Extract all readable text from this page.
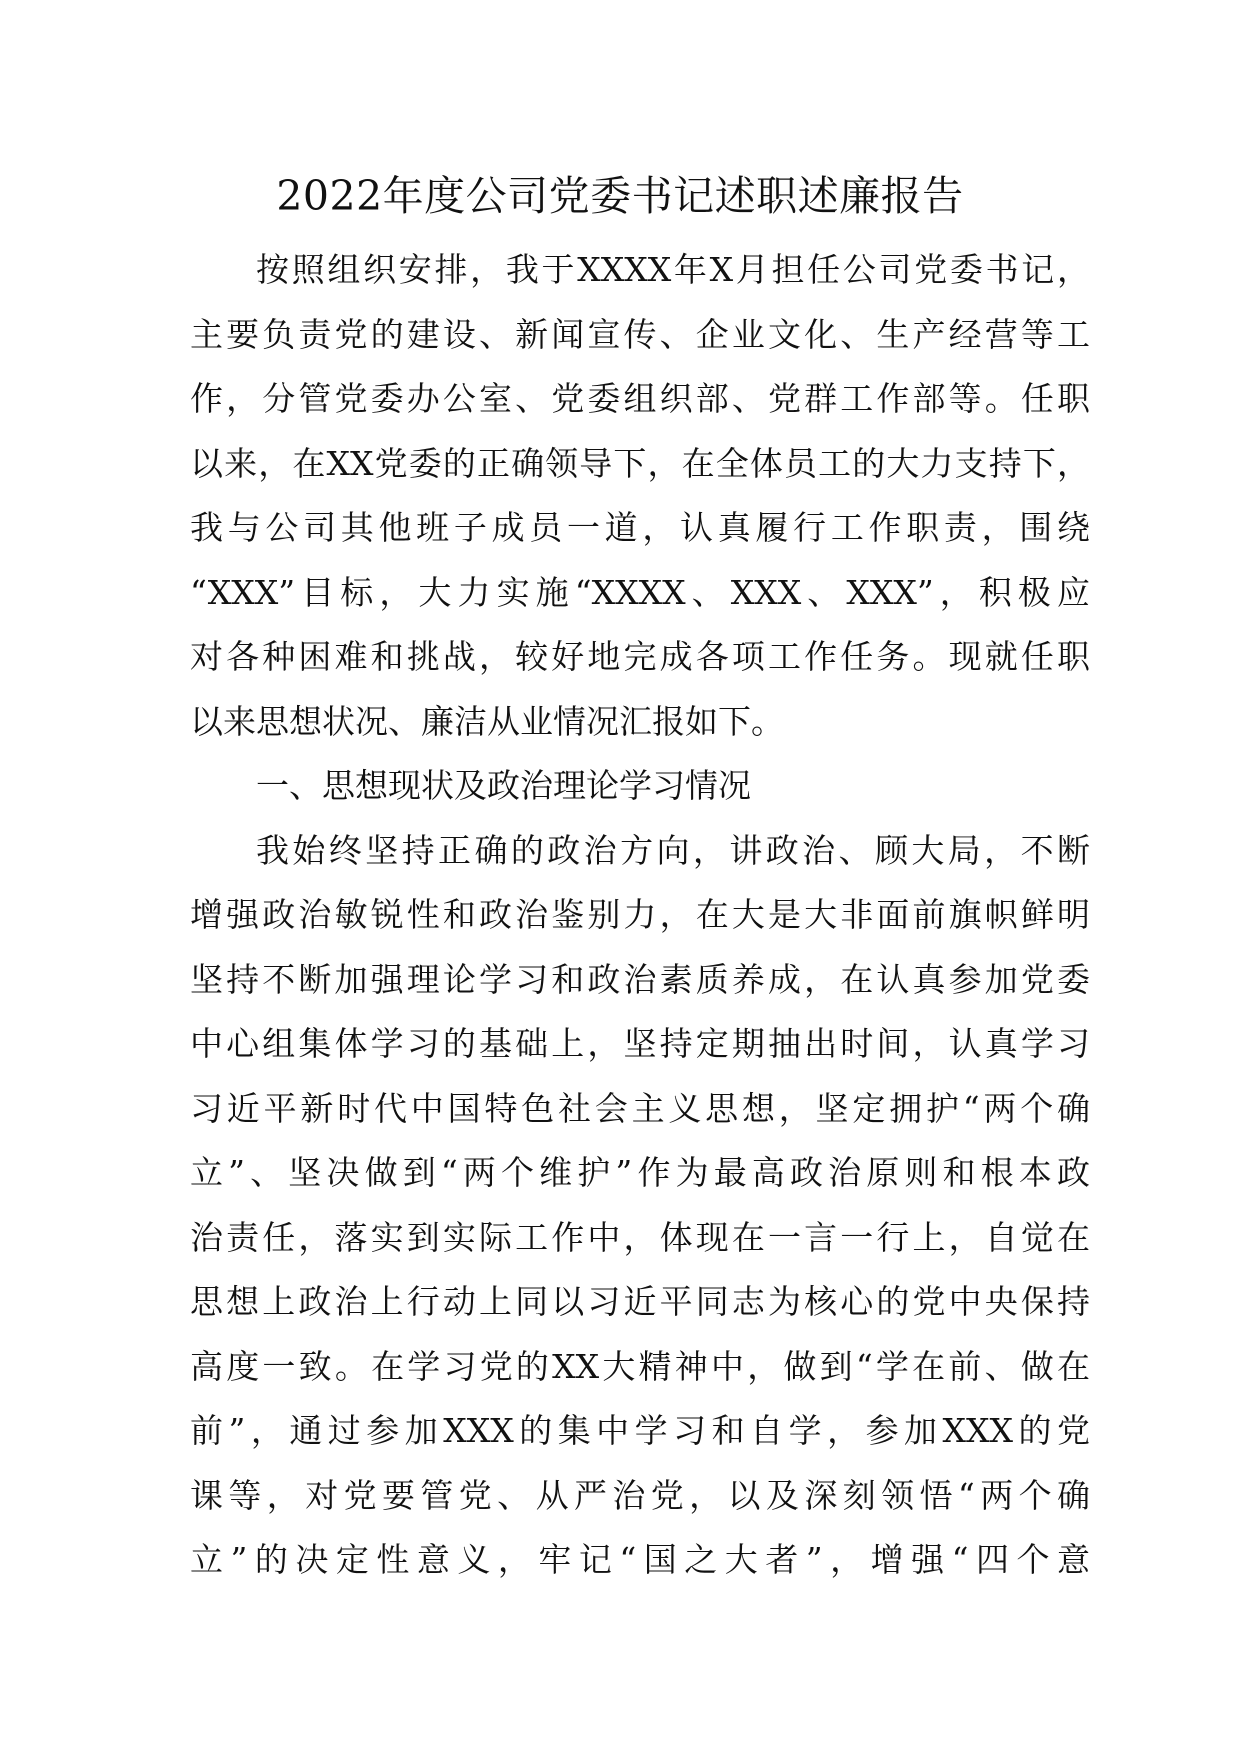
2022年度公司党委书记述职述廉报告
按照组织安排，我于XXXX年X月担任公司党委书记，
主要负责党的建设、新闻宣传、企业文化、生产经营等工
作，分管党委办公室、党委组织部、党群工作部等。任职
以来，在XX党委的正确领导下，在全体员工的大力支持下，
我与公司其他班子成员一道，认真履行工作职责，围绕
“XXX”目标，大力实施“XXXX、XXX、XXX”，积极应
对各种困难和挑战，较好地完成各项工作任务。现就任职
以来思想状况、廉洁从业情况汇报如下。
一、思想现状及政治理论学习情况
我始终坚持正确的政治方向，讲政治、顾大局，不断
增强政治敏锐性和政治鉴别力，在大是大非面前旗帜鲜明
坚持不断加强理论学习和政治素质养成，在认真参加党委
中心组集体学习的基础上，坚持定期抽出时间，认真学习
习近平新时代中国特色社会主义思想，坚定拥护“两个确
立”、坚决做到“两个维护”作为最高政治原则和根本政
治责任，落实到实际工作中，体现在一言一行上，自觉在
思想上政治上行动上同以习近平同志为核心的党中央保持
高度一致。在学习党的XX大精神中，做到“学在前、做在
前”，通过参加XXX的集中学习和自学，参加XXX的党
课等，对党要管党、从严治党，以及深刻领悟“两个确
立”的决定性意义，牢记“国之大者”，增强“四个意
